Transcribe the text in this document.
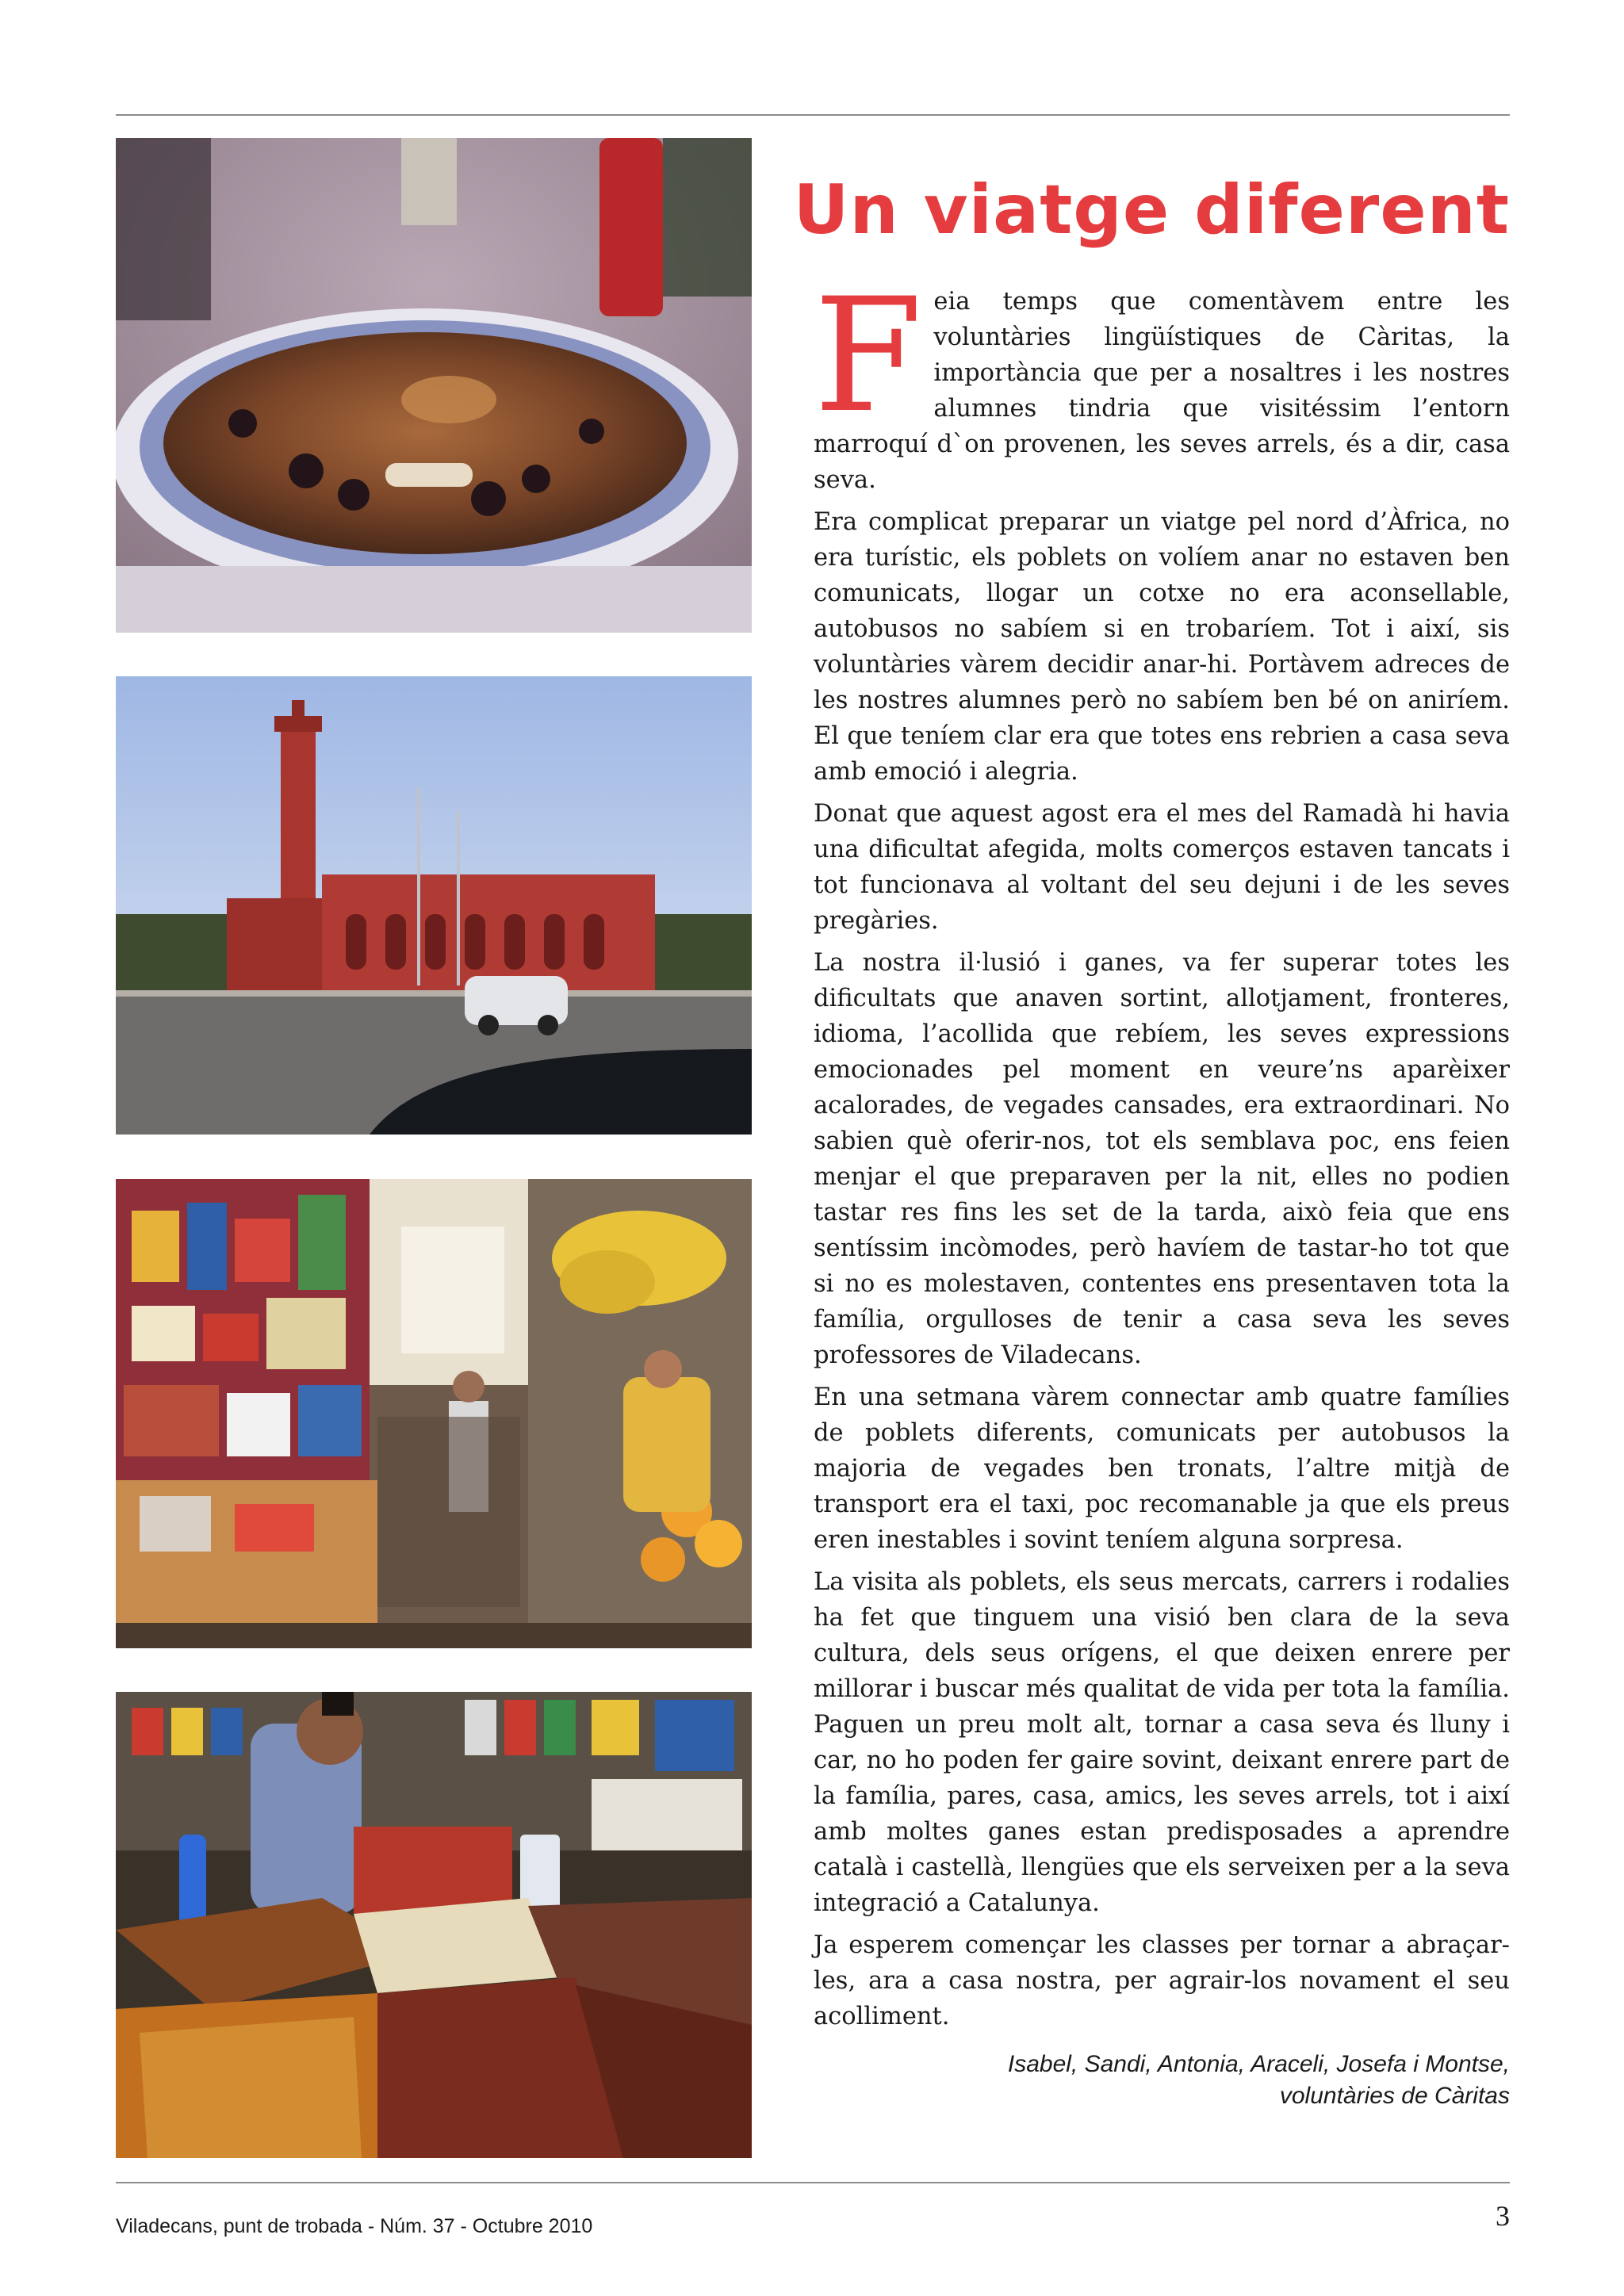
Un viatge diferent

Feia temps que comentàvem entre les voluntàries lingüístiques de Càritas, la importància que per a nosaltres i les nostres alumnes tindria que visitéssim l’entorn marroquí d`on provenen, les seves arrels, és a dir, casa seva.

Era complicat preparar un viatge pel nord d’Àfrica, no era turístic, els poblets on volíem anar no estaven ben comunicats, llogar un cotxe no era aconsellable, autobusos no sabíem si en trobaríem. Tot i així, sis voluntàries vàrem decidir anar-hi. Portàvem adreces de les nostres alumnes però no sabíem ben bé on aniríem. El que teníem clar era que totes ens rebrien a casa seva amb emoció i alegria.

Donat que aquest agost era el mes del Ramadà hi havia una dificultat afegida, molts comerços estaven tancats i tot funcionava al voltant del seu dejuni i de les seves pregàries.

La nostra il·lusió i ganes, va fer superar totes les dificultats que anaven sortint, allotjament, fronteres, idioma, l’acollida que rebíem, les seves expressions emocionades pel moment en veure’ns aparèixer acalorades, de vegades cansades, era extraordinari. No sabien què oferir-nos, tot els semblava poc, ens feien menjar el que preparaven per la nit, elles no podien tastar res fins les set de la tarda, això feia que ens sentíssim incòmodes, però havíem de tastar-ho tot que si no es molestaven, contentes ens presentaven tota la família, orgulloses de tenir a casa seva les seves professores de Viladecans.

En una setmana vàrem connectar amb quatre famílies de poblets diferents, comunicats per autobusos la majoria de vegades ben tronats, l’altre mitjà de transport era el taxi, poc recomanable ja que els preus eren inestables i sovint teníem alguna sorpresa.

La visita als poblets, els seus mercats, carrers i rodalies ha fet que tinguem una visió ben clara de la seva cultura, dels seus orígens, el que deixen enrere per millorar i buscar més qualitat de vida per tota la família. Paguen un preu molt alt, tornar a casa seva és lluny i car, no ho poden fer gaire sovint, deixant enrere part de la família, pares, casa, amics, les seves arrels, tot i així amb moltes ganes estan predisposades a aprendre català i castellà, llengües que els serveixen per a la seva integració a Catalunya.

Ja esperem començar les classes per tornar a abraçar-les, ara a casa nostra, per agrair-los novament el seu acolliment.

Isabel, Sandi, Antonia, Araceli, Josefa i Montse,
voluntàries de Càritas
Viladecans, punt de trobada - Núm. 37 - Octubre 2010	3
